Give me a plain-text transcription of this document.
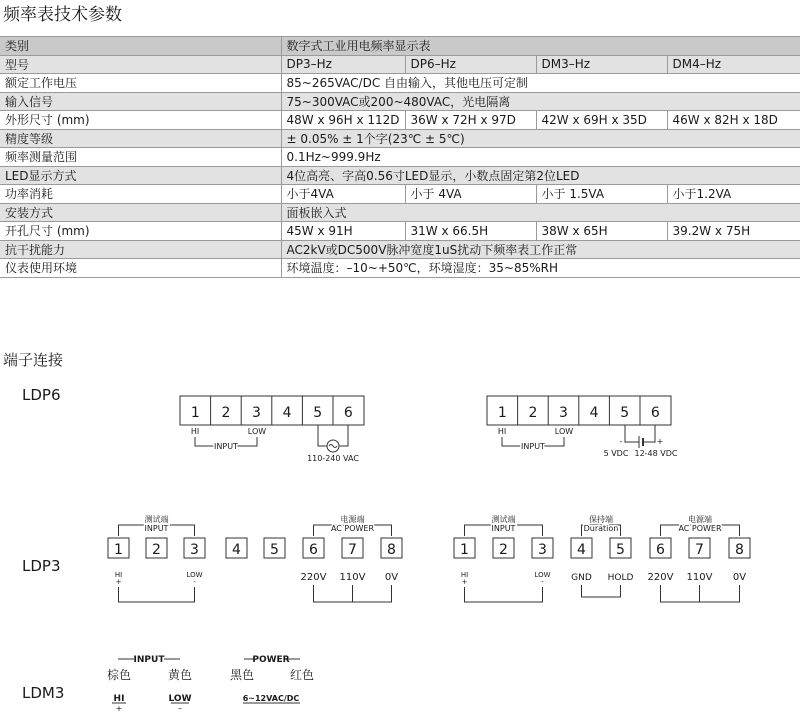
频率表技术参数
类别	数字式工业用电频率显示表			
型号	DP3–Hz	DP6–Hz	DM3–Hz	DM4–Hz
额定工作电压	85~265VAC/DC 自由输入，其他电压可定制			
输入信号	75~300VAC或200~480VAC，光电隔离			
外形尺寸 (mm)	48W x 96H x 112D	36W x 72H x 97D	42W x 69H x 35D	46W x 82H x 18D
精度等级	± 0.05% ± 1个字(23℃ ± 5℃)			
频率测量范围	0.1Hz~999.9Hz			
LED显示方式	4位高亮、字高0.56寸LED显示，小数点固定第2位LED			
功率消耗	小于4VA	小于 4VA	小于 1.5VA	小于1.2VA
安装方式	面板嵌入式			
开孔尺寸 (mm)	45W x 91H	31W x 66.5H	38W x 65H	39.2W x 75H
抗干扰能力	AC2kV或DC500V脉冲宽度1uS扰动下频率表工作正常			
仪表使用环境	环境温度：–10~+50℃，环境湿度：35~85%RH			
端子连接
LDP6
LDP3
LDM3
1 2 3 4 5 6
HI	LOW
INPUT
110-240 VAC
1 2 3 4 5 6
HI	LOW
INPUT
-	+
5 VDC 12-48 VDC
1 2 3 4 5 6 7 8
测试端
INPUT
电源端
AC POWER
HI
+
LOW
-	220V 110V 0V
1 2 3 4 5 6 7 8
测试端
INPUT
电源端
AC POWER
HI
+
LOW
-	220V 110V 0V
保持端
Duration
GND HOLD
INPUT
棕色	黄色
HI	LOW
+	–
POWER
黑色	红色
6~12VAC/DC
